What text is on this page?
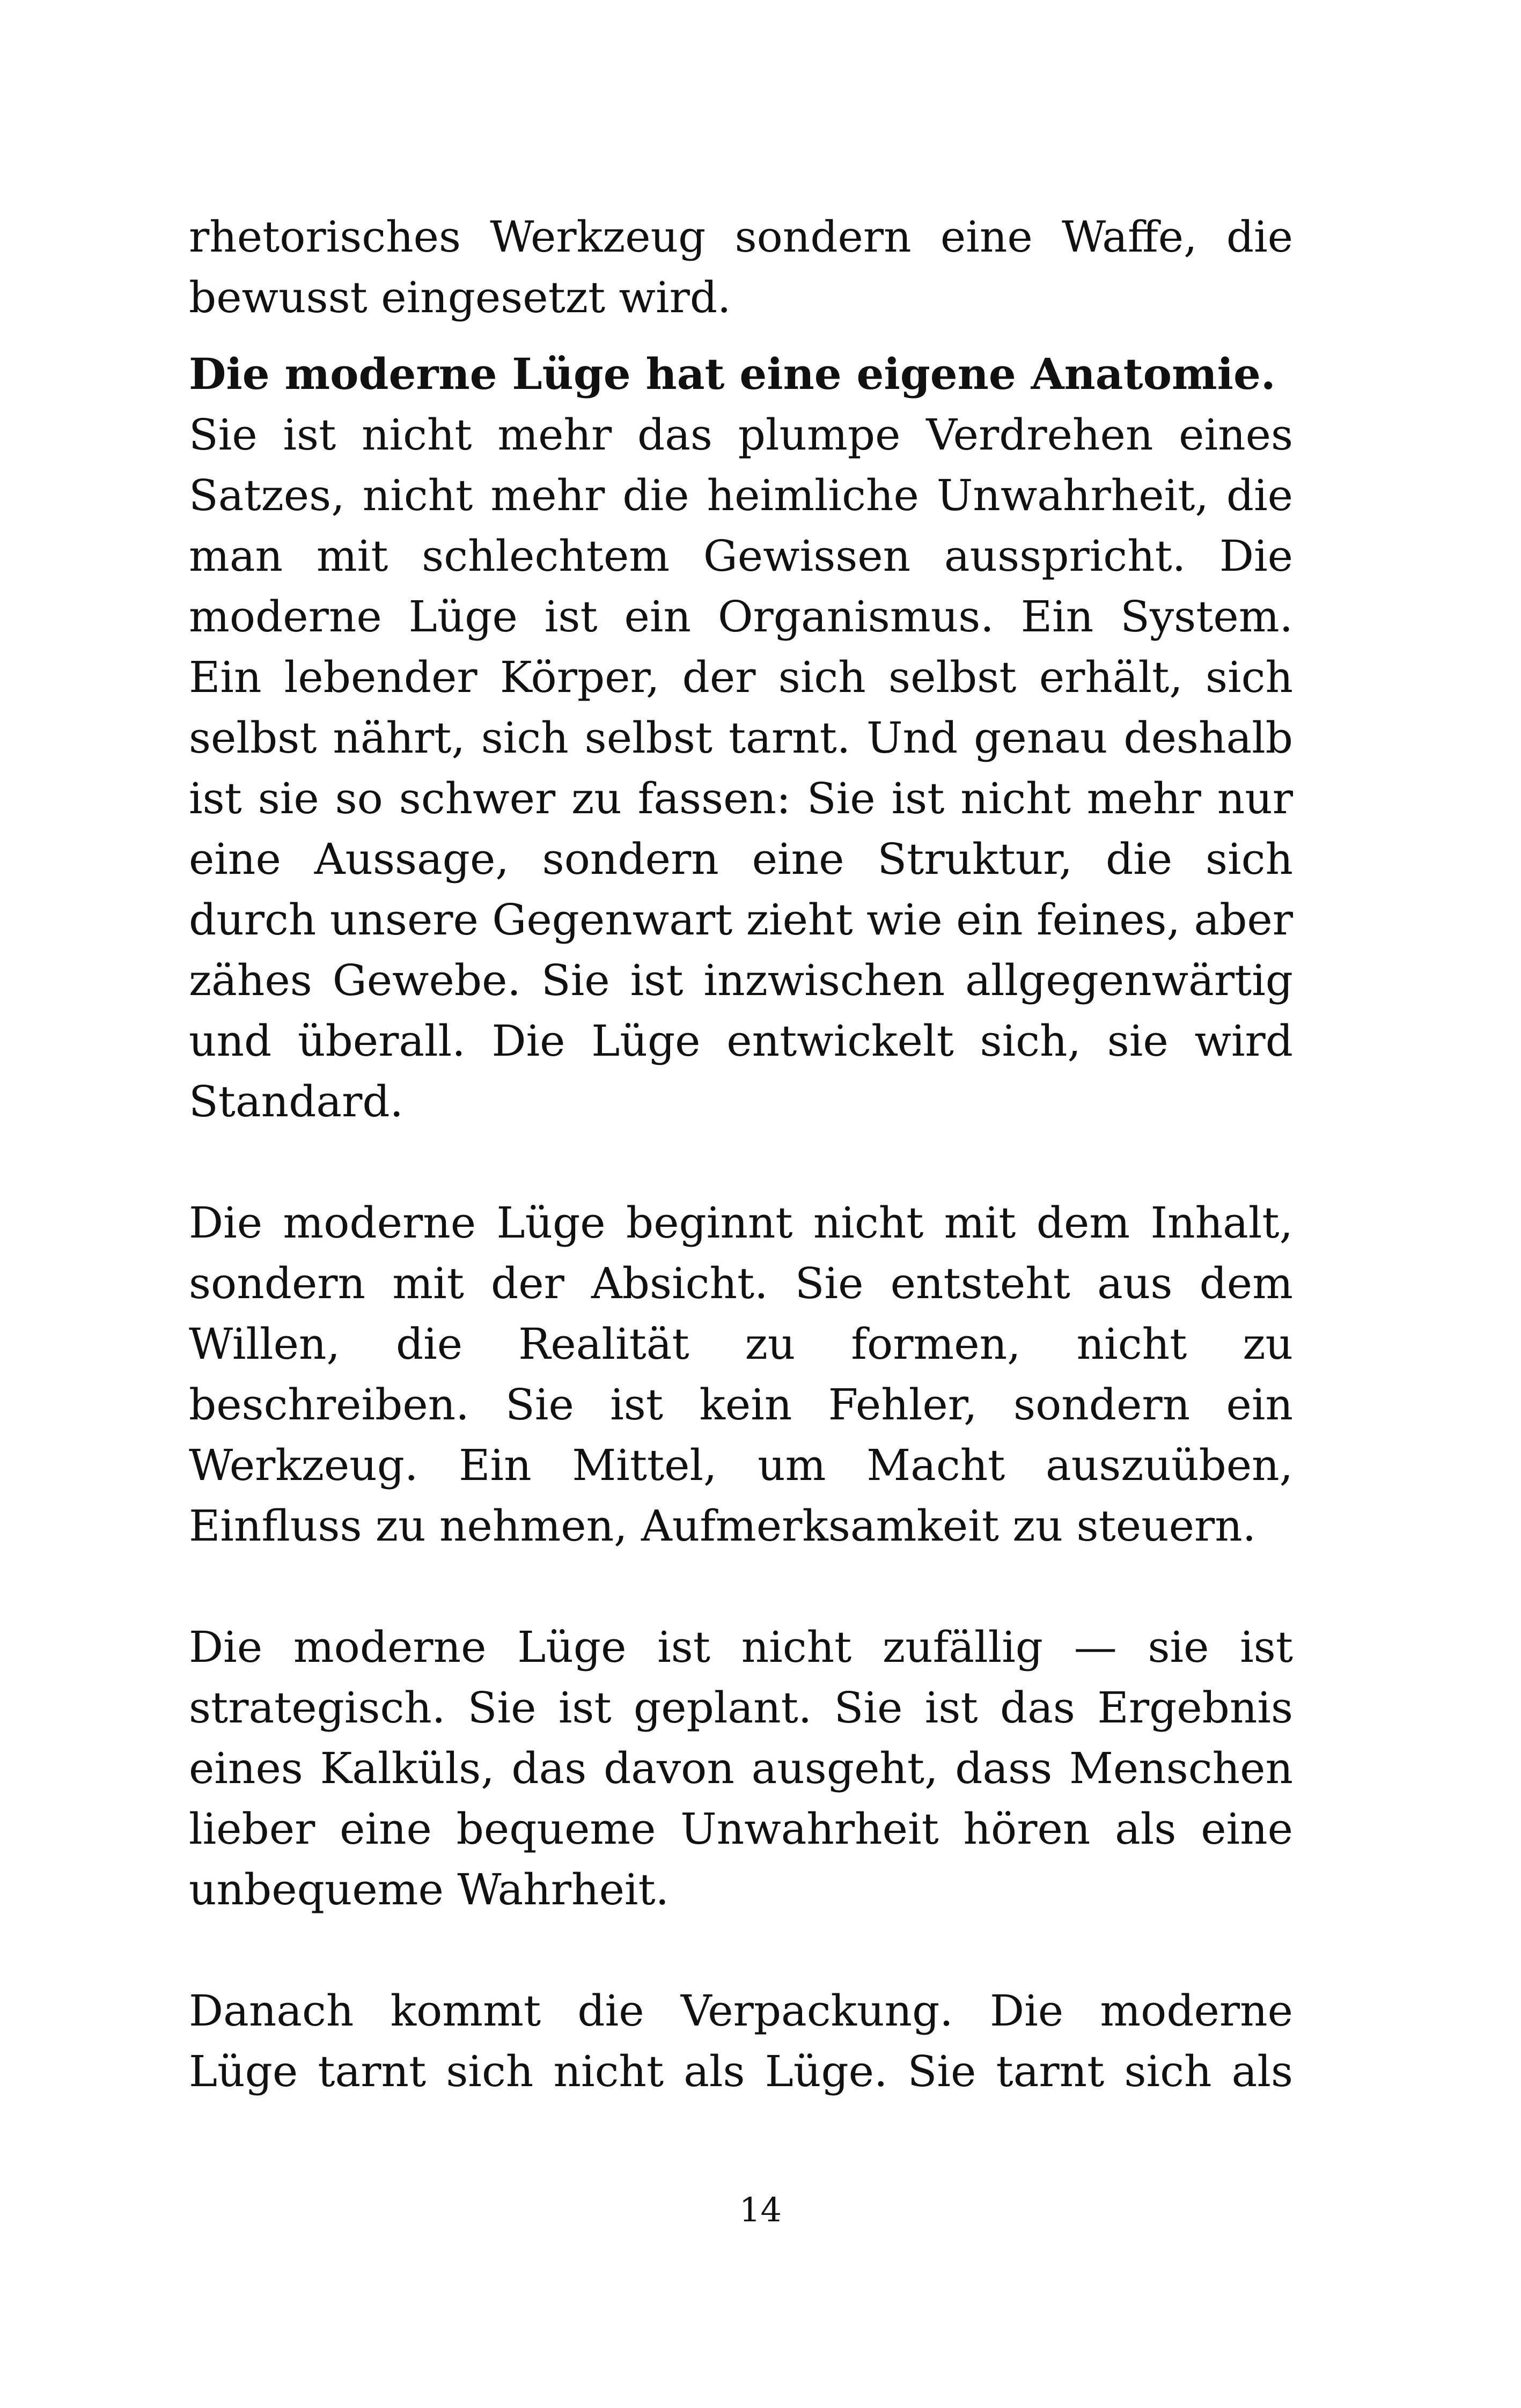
rhetorisches Werkzeug sondern eine Waffe, die bewusst eingesetzt wird.

Die moderne Lüge hat eine eigene Anatomie.
Sie ist nicht mehr das plumpe Verdrehen eines Satzes, nicht mehr die heimliche Unwahrheit, die man mit schlechtem Gewissen ausspricht. Die moderne Lüge ist ein Organismus. Ein System. Ein lebender Körper, der sich selbst erhält, sich selbst nährt, sich selbst tarnt. Und genau deshalb ist sie so schwer zu fassen: Sie ist nicht mehr nur eine Aussage, sondern eine Struktur, die sich durch unsere Gegenwart zieht wie ein feines, aber zähes Gewebe. Sie ist inzwischen allgegenwärtig und überall. Die Lüge entwickelt sich, sie wird Standard.

Die moderne Lüge beginnt nicht mit dem Inhalt, sondern mit der Absicht. Sie entsteht aus dem Willen, die Realität zu formen, nicht zu beschreiben. Sie ist kein Fehler, sondern ein Werkzeug. Ein Mittel, um Macht auszuüben, Einfluss zu nehmen, Aufmerksamkeit zu steuern.

Die moderne Lüge ist nicht zufällig — sie ist strategisch. Sie ist geplant. Sie ist das Ergebnis eines Kalküls, das davon ausgeht, dass Menschen lieber eine bequeme Unwahrheit hören als eine unbequeme Wahrheit.

Danach kommt die Verpackung. Die moderne Lüge tarnt sich nicht als Lüge. Sie tarnt sich als

14
